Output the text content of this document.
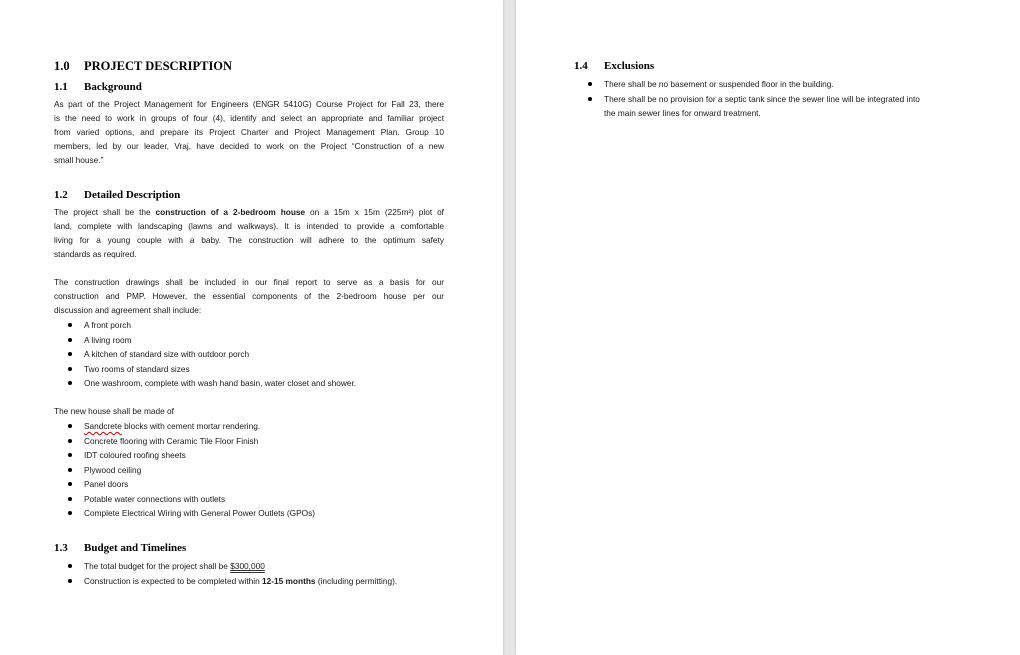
1.0 PROJECT DESCRIPTION
1.1 Background
As part of the Project Management for Engineers (ENGR 5410G) Course Project for Fall 23, there
is the need to work in groups of four (4), identify and select an appropriate and familiar project
from varied options, and prepare its Project Charter and Project Management Plan. Group 10
members, led by our leader, Vraj, have decided to work on the Project “Construction of a new
small house.”
1.2 Detailed Description
The project shall be the construction of a 2-bedroom house on a 15m x 15m (225m²) plot of
land, complete with landscaping (lawns and walkways). It is intended to provide a comfortable
living for a young couple with a baby. The construction will adhere to the optimum safety
standards as required.
The construction drawings shall be included in our final report to serve as a basis for our
construction and PMP. However, the essential components of the 2-bedroom house per our
discussion and agreement shall include:
A front porch
A living room
A kitchen of standard size with outdoor porch
Two rooms of standard sizes
One washroom, complete with wash hand basin, water closet and shower.
The new house shall be made of
Sandcrete blocks with cement mortar rendering.
Concrete flooring with Ceramic Tile Floor Finish
IDT coloured roofing sheets
Plywood ceiling
Panel doors
Potable water connections with outlets
Complete Electrical Wiring with General Power Outlets (GPOs)
1.3 Budget and Timelines
The total budget for the project shall be $300,000
Construction is expected to be completed within 12-15 months (including permitting).
1.4 Exclusions
There shall be no basement or suspended floor in the building.
There shall be no provision for a septic tank since the sewer line will be integrated into
the main sewer lines for onward treatment.
